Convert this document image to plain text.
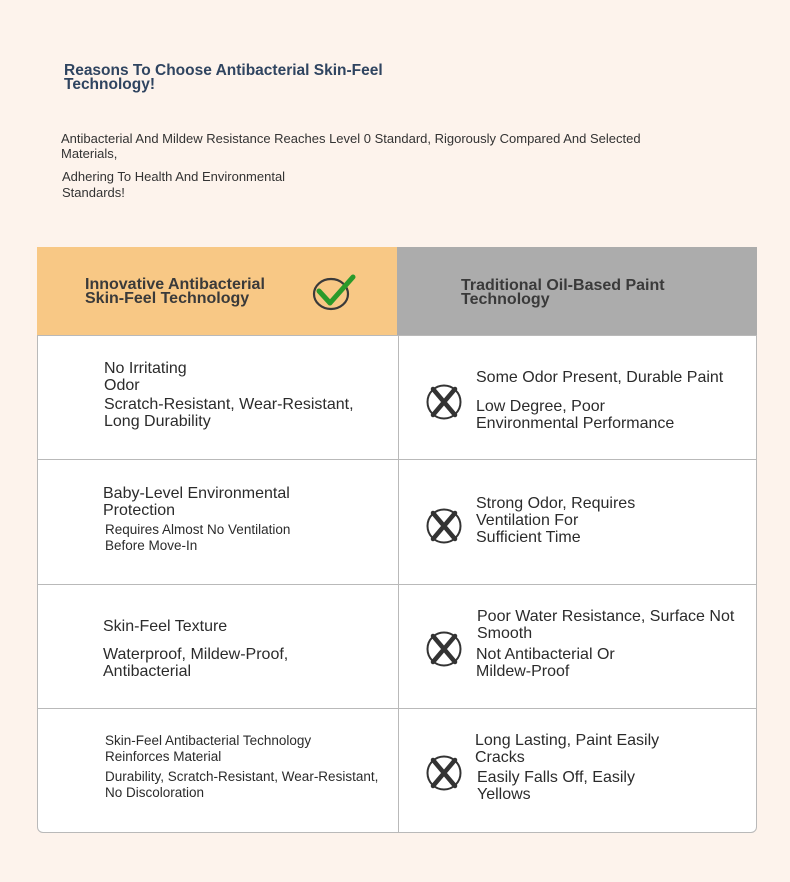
Reasons To Choose Antibacterial Skin-Feel Technology!
Antibacterial And Mildew Resistance Reaches Level 0 Standard, Rigorously Compared And Selected Materials,
Adhering To Health And Environmental Standards!
Innovative Antibacterial Skin-Feel Technology
Traditional Oil-Based Paint Technology
No Irritating Odor
Scratch-Resistant, Wear-Resistant, Long Durability
Some Odor Present, Durable Paint
Low Degree, Poor Environmental Performance
Baby-Level Environmental Protection
Requires Almost No Ventilation Before Move-In
Strong Odor, Requires Ventilation For Sufficient Time
Skin-Feel Texture
Waterproof, Mildew-Proof, Antibacterial
Poor Water Resistance, Surface Not Smooth
Not Antibacterial Or Mildew-Proof
Skin-Feel Antibacterial Technology Reinforces Material
Durability, Scratch-Resistant, Wear-Resistant, No Discoloration
Long Lasting, Paint Easily Cracks
Easily Falls Off, Easily Yellows
